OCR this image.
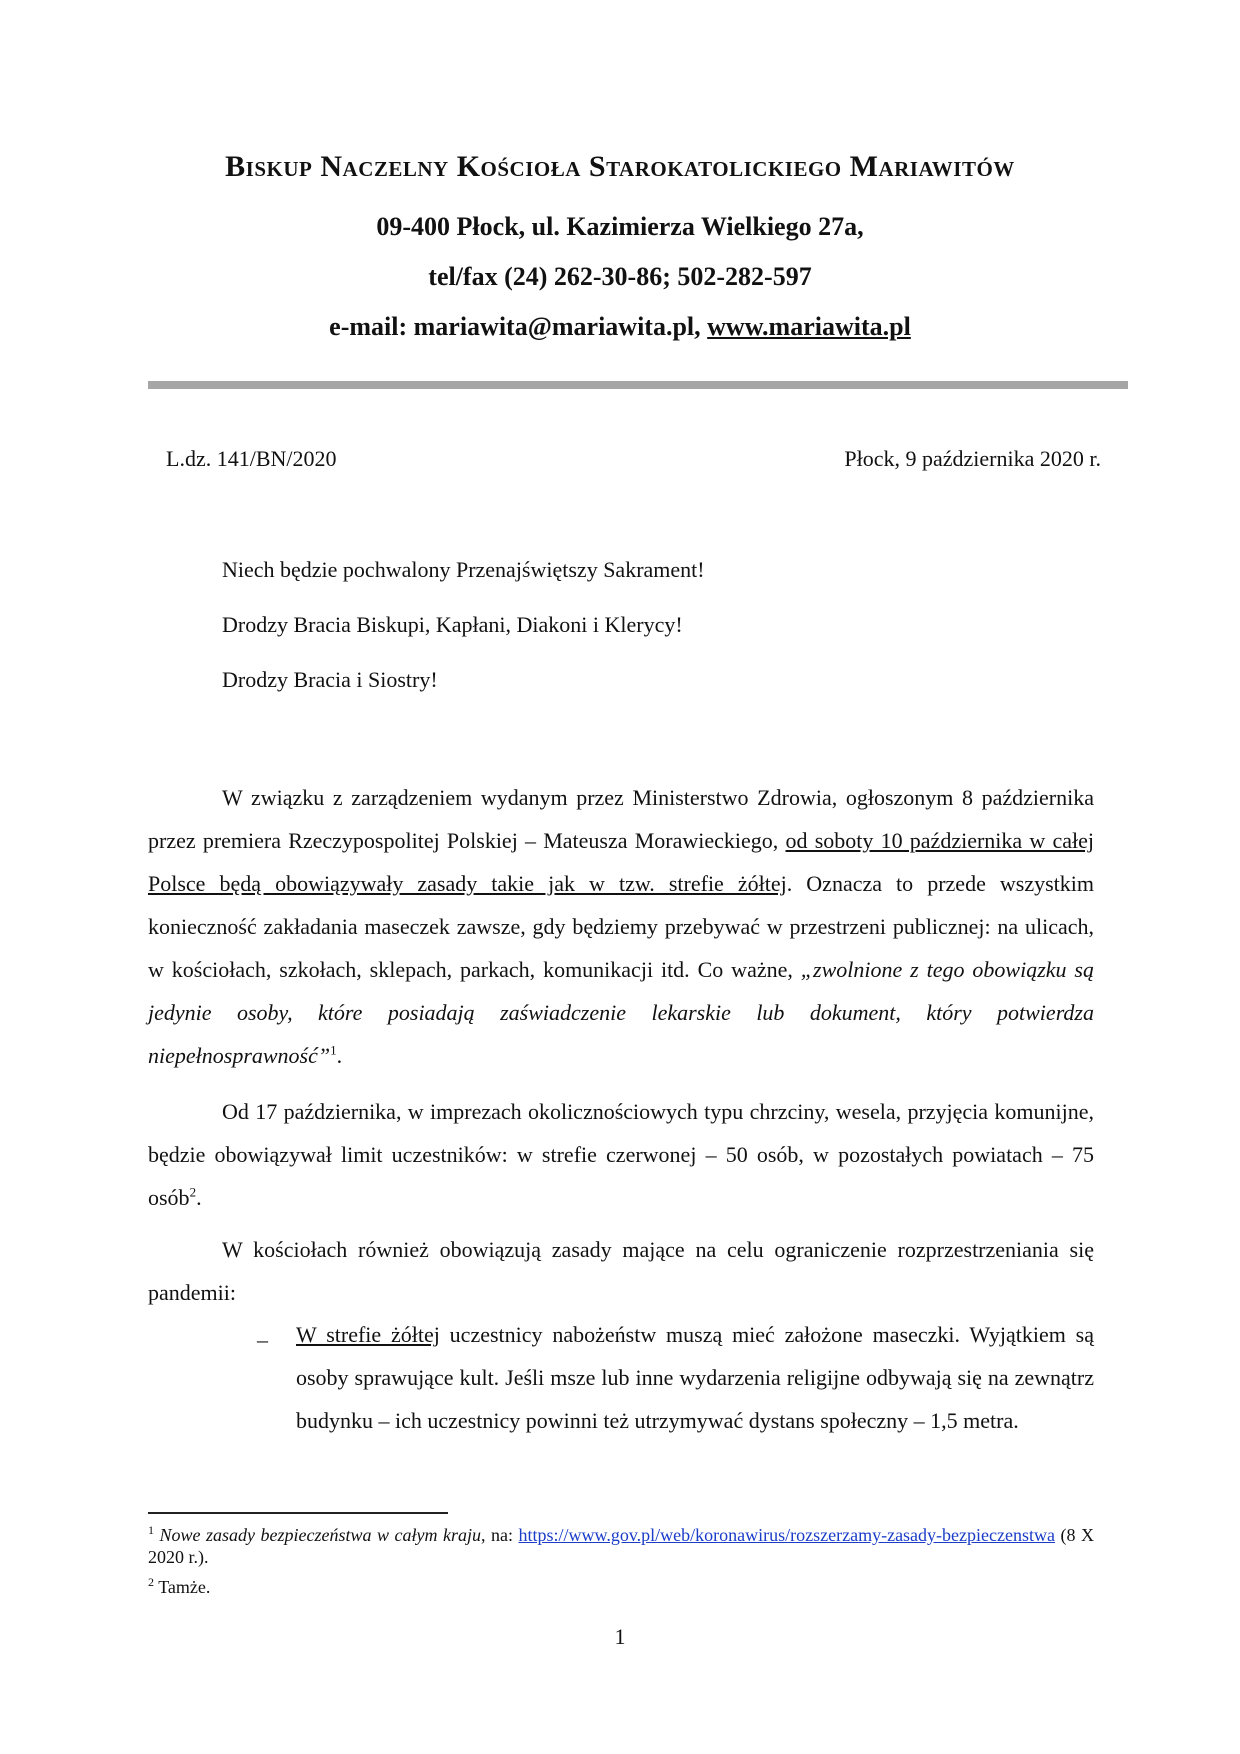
Biskup Naczelny Kościoła Starokatolickiego Mariawitów
09-400 Płock, ul. Kazimierza Wielkiego 27a,
tel/fax (24) 262-30-86; 502-282-597
e-mail: mariawita@mariawita.pl, www.mariawita.pl
L.dz. 141/BN/2020	Płock, 9 października 2020 r.
Niech będzie pochwalony Przenajświętszy Sakrament!
Drodzy Bracia Biskupi, Kapłani, Diakoni i Klerycy!
Drodzy Bracia i Siostry!
W związku z zarządzeniem wydanym przez Ministerstwo Zdrowia, ogłoszonym 8 października przez premiera Rzeczypospolitej Polskiej – Mateusza Morawieckiego, od soboty 10 października w całej Polsce będą obowiązywały zasady takie jak w tzw. strefie żółtej. Oznacza to przede wszystkim konieczność zakładania maseczek zawsze, gdy będziemy przebywać w przestrzeni publicznej: na ulicach, w kościołach, szkołach, sklepach, parkach, komunikacji itd. Co ważne, „zwolnione z tego obowiązku są jedynie osoby, które posiadają zaświadczenie lekarskie lub dokument, który potwierdza niepełnosprawność”$^1$.
Od 17 października, w imprezach okolicznościowych typu chrzciny, wesela, przyjęcia komunijne, będzie obowiązywał limit uczestników: w strefie czerwonej – 50 osób, w pozostałych powiatach – 75 osób$^2$.
W kościołach również obowiązują zasady mające na celu ograniczenie rozprzestrzeniania się pandemii:
– W strefie żółtej uczestnicy nabożeństw muszą mieć założone maseczki. Wyjątkiem są osoby sprawujące kult. Jeśli msze lub inne wydarzenia religijne odbywają się na zewnątrz budynku – ich uczestnicy powinni też utrzymywać dystans społeczny – 1,5 metra.
$^1$ Nowe zasady bezpieczeństwa w całym kraju, na: https://www.gov.pl/web/koronawirus/rozszerzamy-zasady-bezpieczenstwa (8 X 2020 r.).
$^2$ Tamże.
1
